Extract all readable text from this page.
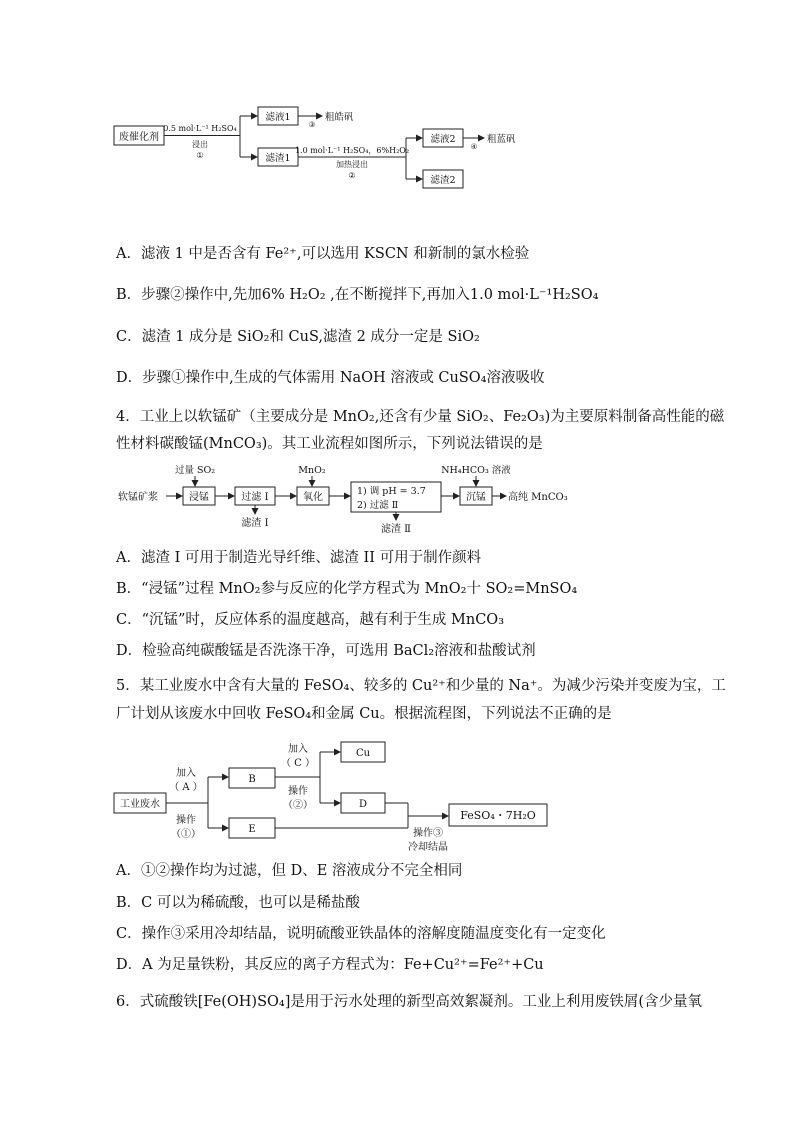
废催化剂
0.5 mol·L⁻¹ H₂SO₄
浸出
①
滤液1
③
粗皓矾
滤渣1
1.0 mol·L⁻¹ H₂SO₄，6%H₂O₂
加热浸出
②
滤液2
④
粗蓝矾
滤渣2
A．滤液 1 中是否含有 Fe²⁺,可以选用 KSCN 和新制的氯水检验
B．步骤②操作中,先加6% H₂O₂ ,在不断搅拌下,再加入1.0 mol·L⁻¹H₂SO₄
C．滤渣 1 成分是 SiO₂和 CuS,滤渣 2 成分一定是 SiO₂
D．步骤①操作中,生成的气体需用 NaOH 溶液或 CuSO₄溶液吸收
4．工业上以软锰矿（主要成分是 MnO₂,还含有少量 SiO₂、Fe₂O₃)为主要原料制备高性能的磁
性材料碳酸锰(MnCO₃)。其工业流程如图所示，下列说法错误的是
软锰矿浆
过量 SO₂
浸锰	过滤 Ⅰ
滤渣 Ⅰ
MnO₂
氧化
1) 调 pH = 3.7
2) 过滤 Ⅱ
滤渣 Ⅱ
NH₄HCO₃ 溶液
沉锰 高纯 MnCO₃
A．滤渣 I 可用于制造光导纤维、滤渣 II 可用于制作颜料
B．“浸锰”过程 MnO₂参与反应的化学方程式为 MnO₂十 SO₂=MnSO₄
C．“沉锰”时，反应体系的温度越高，越有利于生成 MnCO₃
D．检验高纯碳酸锰是否洗涤干净，可选用 BaCl₂溶液和盐酸试剂
5．某工业废水中含有大量的 FeSO₄、较多的 Cu²⁺和少量的 Na⁺。为减少污染并变废为宝，工
厂计划从该废水中回收 FeSO₄和金属 Cu。根据流程图，下列说法不正确的是
工业废水
加入
（ A ）
操作
（①）
B
E
加入
（ C ）
操作
（②）
Cu
D
操作③
冷却结晶
FeSO₄・7H₂O
A．①②操作均为过滤，但 D、E 溶液成分不完全相同
B．C 可以为稀硫酸，也可以是稀盐酸
C．操作③采用冷却结晶，说明硫酸亚铁晶体的溶解度随温度变化有一定变化
D．A 为足量铁粉，其反应的离子方程式为：Fe+Cu²⁺=Fe²⁺+Cu
6．式硫酸铁[Fe(OH)SO₄]是用于污水处理的新型高效絮凝剂。工业上利用废铁屑(含少量氧
